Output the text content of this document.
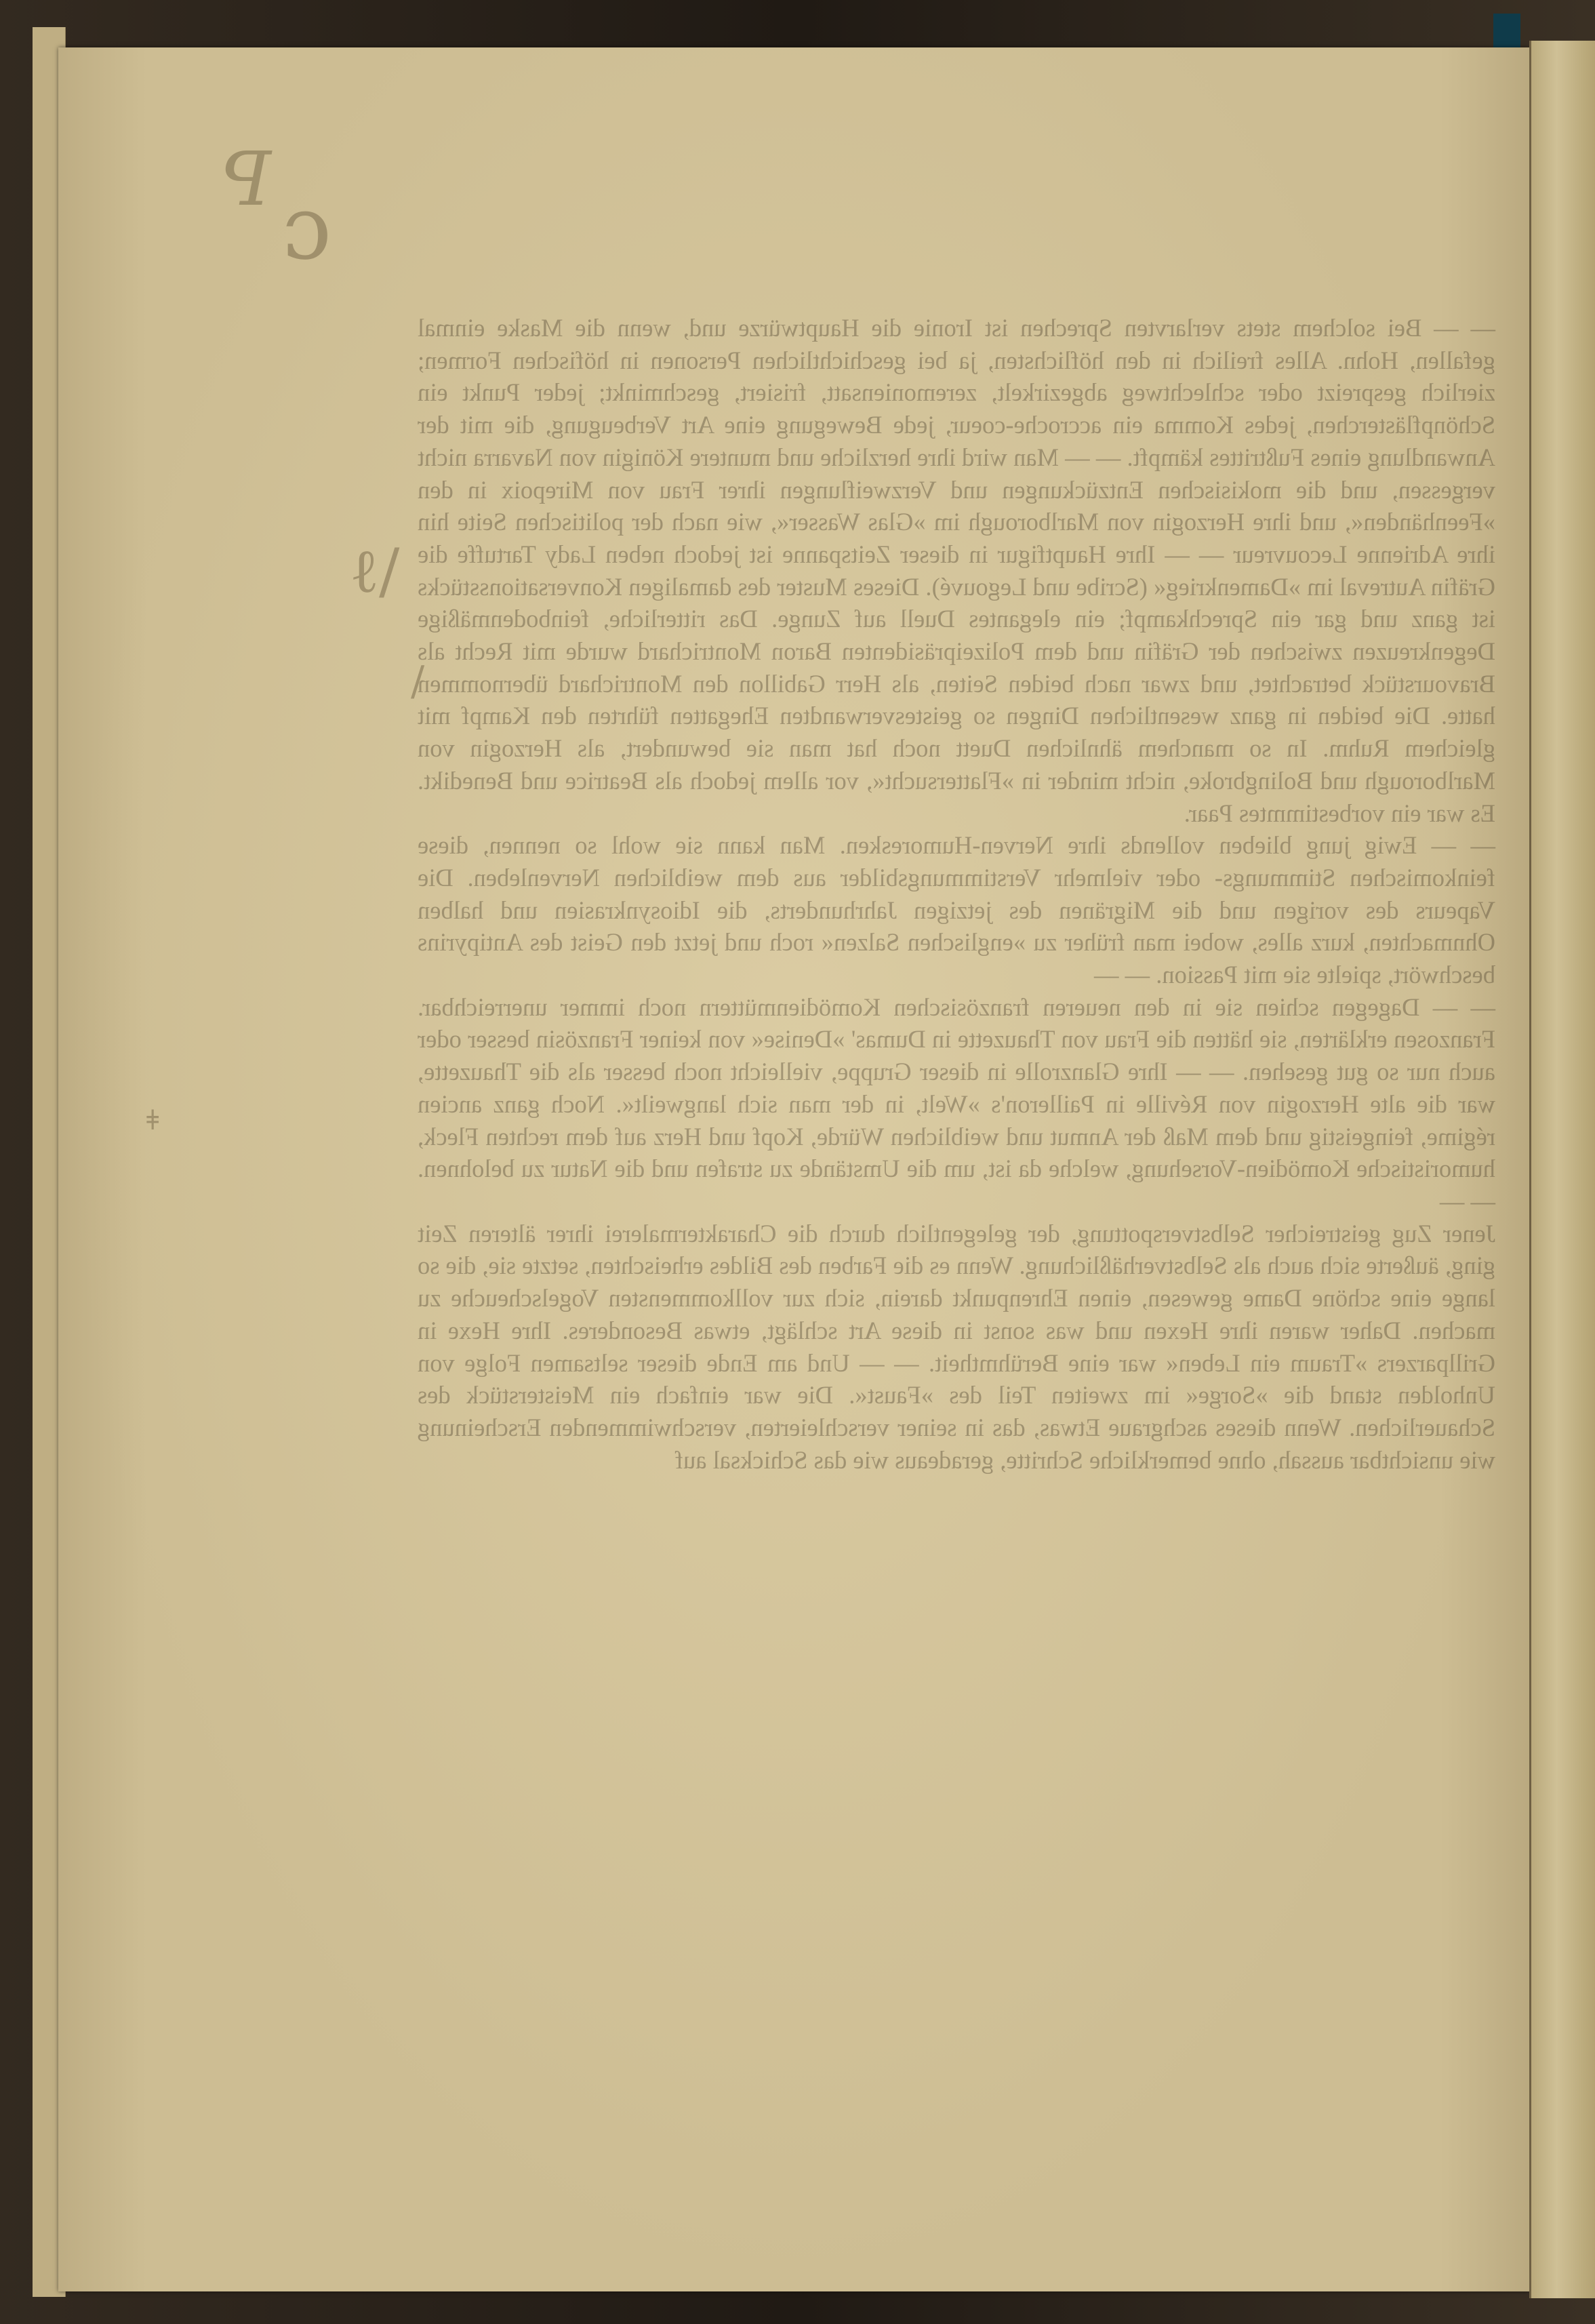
ꟼ ɔ
ℓ/
/
ǂ

— — Bei solchem stets verlarvten Sprechen ist Ironie die Hauptwürze und, wenn die Maske einmal gefallen, Hohn. Alles freilich in den höflichsten, ja bei geschichtlichen Personen in höfischen Formen; zierlich gespreizt oder schlechtweg abgezirkelt, zeremoniensatt, frisiert, geschminkt; jeder Punkt ein Schönpflästerchen, jedes Komma ein accroche-coeur, jede Bewegung eine Art Verbeugung, die mit der Anwandlung eines Fußtrittes kämpft. — — Man wird ihre herzliche und muntere Königin von Navarra nicht vergessen, und die mokisischen Entzückungen und Verzweiflungen ihrer Frau von Mirepoix in den »Feenhänden«, und ihre Herzogin von Marlborough im »Glas Wasser«, wie nach der politischen Seite hin ihre Adrienne Lecouvreur — — Ihre Hauptfigur in dieser Zeitspanne ist jedoch neben Lady Tartuffe die Gräfin Autreval im »Damenkrieg« (Scribe und Legouvé). Dieses Muster des damaligen Konversationsstücks ist ganz und gar ein Sprechkampf; ein elegantes Duell auf Zunge. Das ritterliche, feinbodenmäßige Degenkreuzen zwischen der Gräfin und dem Polizeipräsidenten Baron Montrichard wurde mit Recht als Bravourstück betrachtet, und zwar nach beiden Seiten, als Herr Gabillon den Montrichard übernommen hatte. Die beiden in ganz wesentlichen Dingen so geistesverwandten Ehegatten führten den Kampf mit gleichem Ruhm. In so manchem ähnlichen Duett noch hat man sie bewundert, als Herzogin von Marlborough und Bolingbroke, nicht minder in »Flattersucht«, vor allem jedoch als Beatrice und Benedikt. Es war ein vorbestimmtes Paar.

— — Ewig jung blieben vollends ihre Nerven-Humoresken. Man kann sie wohl so nennen, diese feinkomischen Stimmungs- oder vielmehr Verstimmungsbilder aus dem weiblichen Nervenleben. Die Vapeurs des vorigen und die Migränen des jetzigen Jahrhunderts, die Idiosynkrasien und halben Ohnmachten, kurz alles, wobei man früher zu »englischen Salzen« roch und jetzt den Geist des Antipyrins beschwört, spielte sie mit Passion. — —

— — Dagegen schien sie in den neueren französischen Komödienmüttern noch immer unerreichbar. Franzosen erklärten, sie hätten die Frau von Thauzette in Dumas' »Denise« von keiner Französin besser oder auch nur so gut gesehen. — — Ihre Glanzrolle in dieser Gruppe, vielleicht noch besser als die Thauzette, war die alte Herzogin von Réville in Pailleron's »Welt, in der man sich langweilt«. Noch ganz ancien régime, feingeistig und dem Maß der Anmut und weiblichen Würde, Kopf und Herz auf dem rechten Fleck, humoristische Komödien-Vorsehung, welche da ist, um die Umstände zu strafen und die Natur zu belohnen. — —

Jener Zug geistreicher Selbstverspottung, der gelegentlich durch die Charaktermalerei ihrer älteren Zeit ging, äußerte sich auch als Selbstverhäßlichung. Wenn es die Farben des Bildes erheischten, setzte sie, die so lange eine schöne Dame gewesen, einen Ehrenpunkt darein, sich zur vollkommensten Vogelscheuche zu machen. Daher waren ihre Hexen und was sonst in diese Art schlägt, etwas Besonderes. Ihre Hexe in Grillparzers »Traum ein Leben« war eine Berühmtheit. — — Und am Ende dieser seltsamen Folge von Unholden stand die »Sorge« im zweiten Teil des »Faust«. Die war einfach ein Meisterstück des Schauerlichen. Wenn dieses aschgraue Etwas, das in seiner verschleierten, verschwimmenden Erscheinung wie unsichtbar aussah, ohne bemerkliche Schritte, geradeaus wie das Schicksal auf
